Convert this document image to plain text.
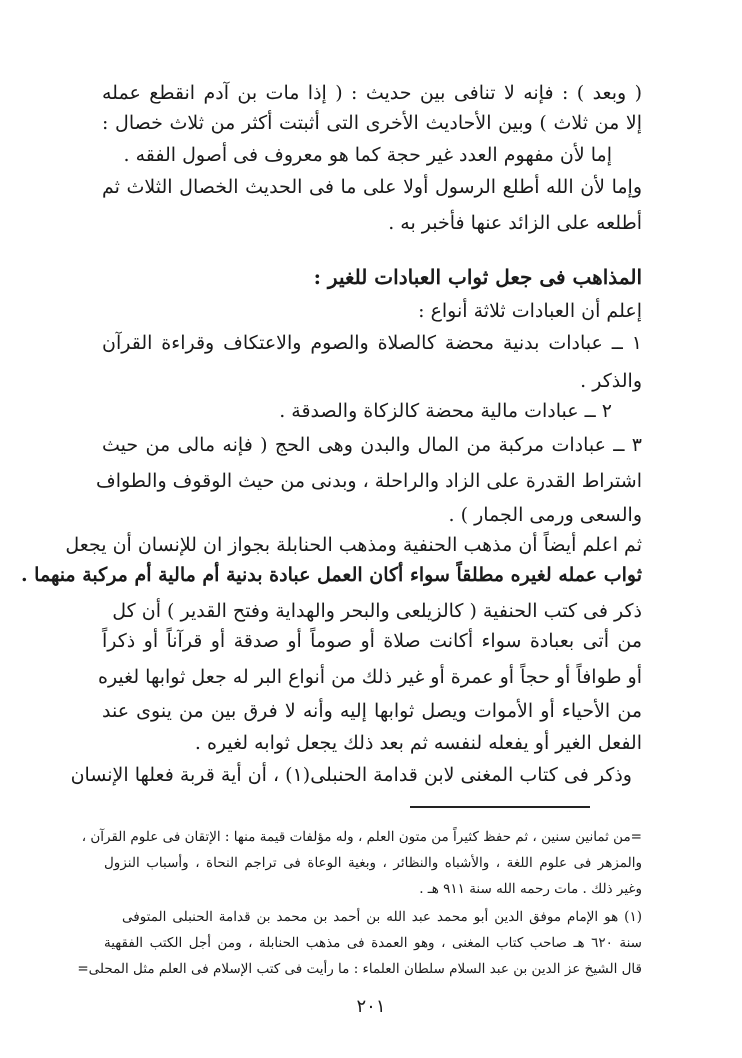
( وبعد ) : فإنه لا تنافى بين حديث : ( إذا مات بن آدم انقطع عمله
إلا من ثلاث ) وبين الأحاديث الأخرى التى أثبتت أكثر من ثلاث خصال :
إما لأن مفهوم العدد غير حجة كما هو معروف فى أصول الفقه .
وإما لأن الله أطلع الرسول أولا على ما فى الحديث الخصال الثلاث ثم
أطلعه على الزائد عنها فأخبر به .
المذاهب فى جعل ثواب العبادات للغير :
إعلم أن العبادات ثلاثة أنواع :
١ ــ عبادات بدنية محضة كالصلاة والصوم والاعتكاف وقراءة القرآن
والذكر .
٢ ــ عبادات مالية محضة كالزكاة والصدقة .
٣ ــ عبادات مركبة من المال والبدن وهى الحج ( فإنه مالى من حيث
اشتراط القدرة على الزاد والراحلة ، وبدنى من حيث الوقوف والطواف
والسعى ورمى الجمار ) .
ثم اعلم أيضاً أن مذهب الحنفية ومذهب الحنابلة بجواز ان للإنسان أن يجعل
ثواب عمله لغيره مطلقاً سواء أكان العمل عبادة بدنية أم مالية أم مركبة منهما .
ذكر فى كتب الحنفية ( كالزيلعى والبحر والهداية وفتح القدير ) أن كل
من أتى بعبادة سواء أكانت صلاة أو صوماً أو صدقة أو قرآناً أو ذكراً
أو طوافاً أو حجاً أو عمرة أو غير ذلك من أنواع البر له جعل ثوابها لغيره
من الأحياء أو الأموات ويصل ثوابها إليه وأنه لا فرق بين من ينوى عند
الفعل الغير أو يفعله لنفسه ثم بعد ذلك يجعل ثوابه لغيره .
وذكر فى كتاب المغنى لابن قدامة الحنبلى(١) ، أن أية قربة فعلها الإنسان
=من ثمانين سنين ، ثم حفظ كثيراً من متون العلم ، وله مؤلفات قيمة منها : الإتقان فى علوم القرآن ،
والمزهر فى علوم اللغة ، والأشباه والنظائر ، وبغية الوعاة فى تراجم النحاة ، وأسباب النزول
وغير ذلك . مات رحمه الله سنة ٩١١ هـ .
(١) هو الإمام موفق الدين أبو محمد عبد الله بن أحمد بن محمد بن قدامة الحنبلى المتوفى
سنة ٦٢٠ هـ صاحب كتاب المغنى ، وهو العمدة فى مذهب الحنابلة ، ومن أجل الكتب الفقهية
قال الشيخ عز الدين بن عبد السلام سلطان العلماء : ما رأيت فى كتب الإسلام فى العلم مثل المحلى=
٢٠١
